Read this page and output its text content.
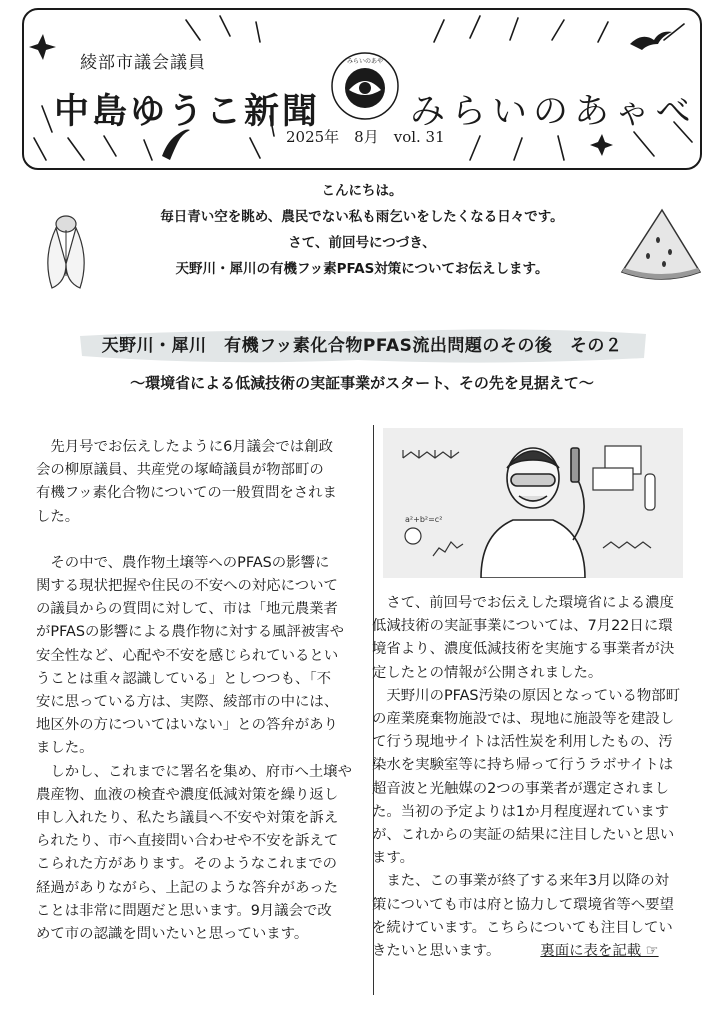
綾部市議会議員
中島ゆうこ新聞
みらいのあや
みらいのあゃべ
2025年　8月　vol. 31
こんにちは。
毎日青い空を眺め、農民でない私も雨乞いをしたくなる日々です。
さて、前回号につづき、
天野川・犀川の有機フッ素PFAS対策についてお伝えします。
天野川・犀川　有機フッ素化合物PFAS流出問題のその後　その２
〜環境省による低減技術の実証事業がスタート、その先を見据えて〜

　先月号でお伝えしたように6月議会では創政

会の柳原議員、共産党の塚崎議員が物部町の

有機フッ素化合物についての一般質問をされま

した。

　その中で、農作物土壌等へのPFASの影響に

関する現状把握や住民の不安への対応について

の議員からの質問に対して、市は「地元農業者

がPFASの影響による農作物に対する風評被害や

安全性など、心配や不安を感じられているとい

うことは重々認識している」としつつも、「不

安に思っている方は、実際、綾部市の中には、

地区外の方についてはいない」との答弁があり

ました。

　しかし、これまでに署名を集め、府市へ土壌や

農産物、血液の検査や濃度低減対策を繰り返し

申し入れたり、私たち議員へ不安や対策を訴え

られたり、市へ直接問い合わせや不安を訴えて

こられた方があります。そのようなこれまでの

経過がありながら、上記のような答弁があった

ことは非常に問題だと思います。9月議会で改

めて市の認識を問いたいと思っています。

a²+b²=c²

　さて、前回号でお伝えした環境省による濃度

低減技術の実証事業については、7月22日に環

境省より、濃度低減技術を実施する事業者が決

定したとの情報が公開されました。

　天野川のPFAS汚染の原因となっている物部町

の産業廃棄物施設では、現地に施設等を建設し

て行う現地サイトは活性炭を利用したもの、汚

染水を実験室等に持ち帰って行うラボサイトは

超音波と光触媒の2つの事業者が選定されまし

た。当初の予定よりは1か月程度遅れています

が、これからの実証の結果に注目したいと思い

ます。

　また、この事業が終了する来年3月以降の対

策についても市は府と協力して環境省等へ要望

を続けています。こちらについても注目してい

きたいと思います。	裏面に表を記載 ☞
